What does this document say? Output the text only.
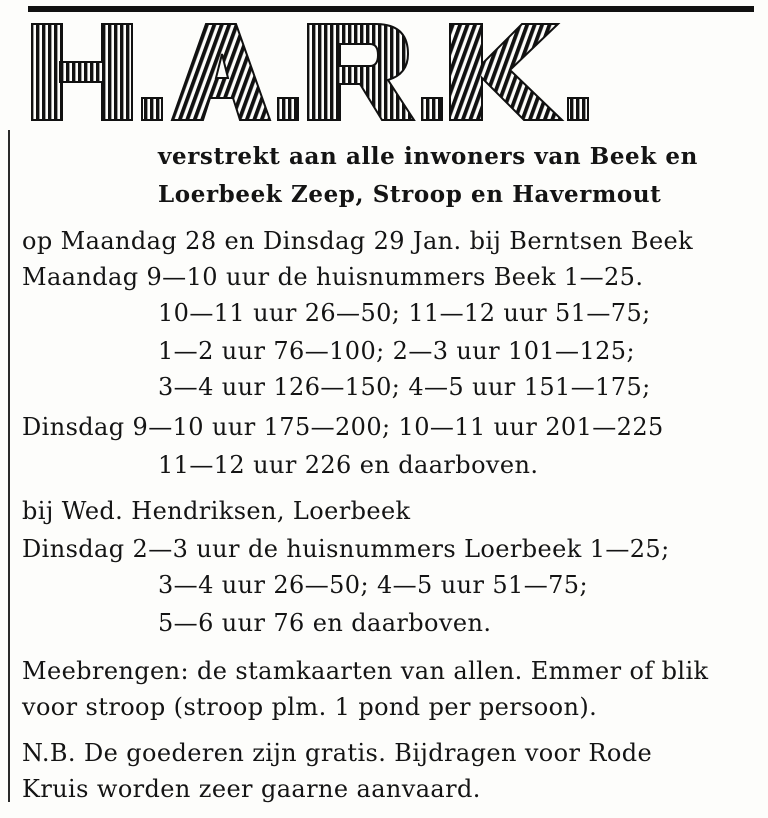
verstrekt aan alle inwoners van Beek en
Loerbeek Zeep, Stroop en Havermout
op Maandag 28 en Dinsdag 29 Jan. bij Berntsen Beek
Maandag 9—10 uur de huisnummers Beek 1—25.
10—11 uur 26—50; 11—12 uur 51—75;
1—2 uur 76—100; 2—3 uur 101—125;
3—4 uur 126—150; 4—5 uur 151—175;
Dinsdag 9—10 uur 175—200; 10—11 uur 201—225
11—12 uur 226 en daarboven.
bij Wed. Hendriksen, Loerbeek
Dinsdag 2—3 uur de huisnummers Loerbeek 1—25;
3—4 uur 26—50; 4—5 uur 51—75;
5—6 uur 76 en daarboven.
Meebrengen: de stamkaarten van allen. Emmer of blik
voor stroop (stroop plm. 1 pond per persoon).
N.B. De goederen zijn gratis. Bijdragen voor Rode
Kruis worden zeer gaarne aanvaard.
